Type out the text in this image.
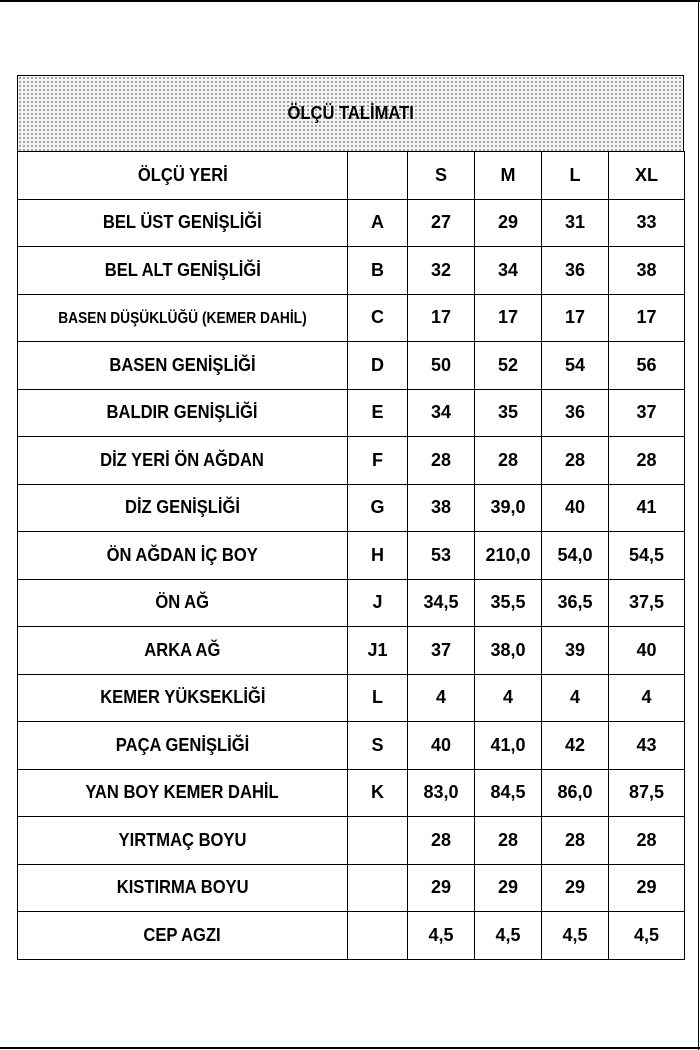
ÖLÇÜ TALİMATI
ÖLÇÜ YERİ		S	M	L	XL
BEL ÜST GENİŞLİĞİ	A	27	29	31	33
BEL ALT GENİŞLİĞİ	B	32	34	36	38
BASEN DÜŞÜKLÜĞÜ (KEMER DAHİL)	C	17	17	17	17
BASEN GENİŞLİĞİ	D	50	52	54	56
BALDIR GENİŞLİĞİ	E	34	35	36	37
DİZ YERİ ÖN AĞDAN	F	28	28	28	28
DİZ GENİŞLİĞİ	G	38	39,0	40	41
ÖN AĞDAN İÇ BOY	H	53	210,0	54,0	54,5
ÖN AĞ	J	34,5	35,5	36,5	37,5
ARKA AĞ	J1	37	38,0	39	40
KEMER YÜKSEKLİĞİ	L	4	4	4	4
PAÇA GENİŞLİĞİ	S	40	41,0	42	43
YAN BOY KEMER DAHİL	K	83,0	84,5	86,0	87,5
YIRTMAÇ BOYU		28	28	28	28
KISTIRMA BOYU		29	29	29	29
CEP AGZI		4,5	4,5	4,5	4,5
